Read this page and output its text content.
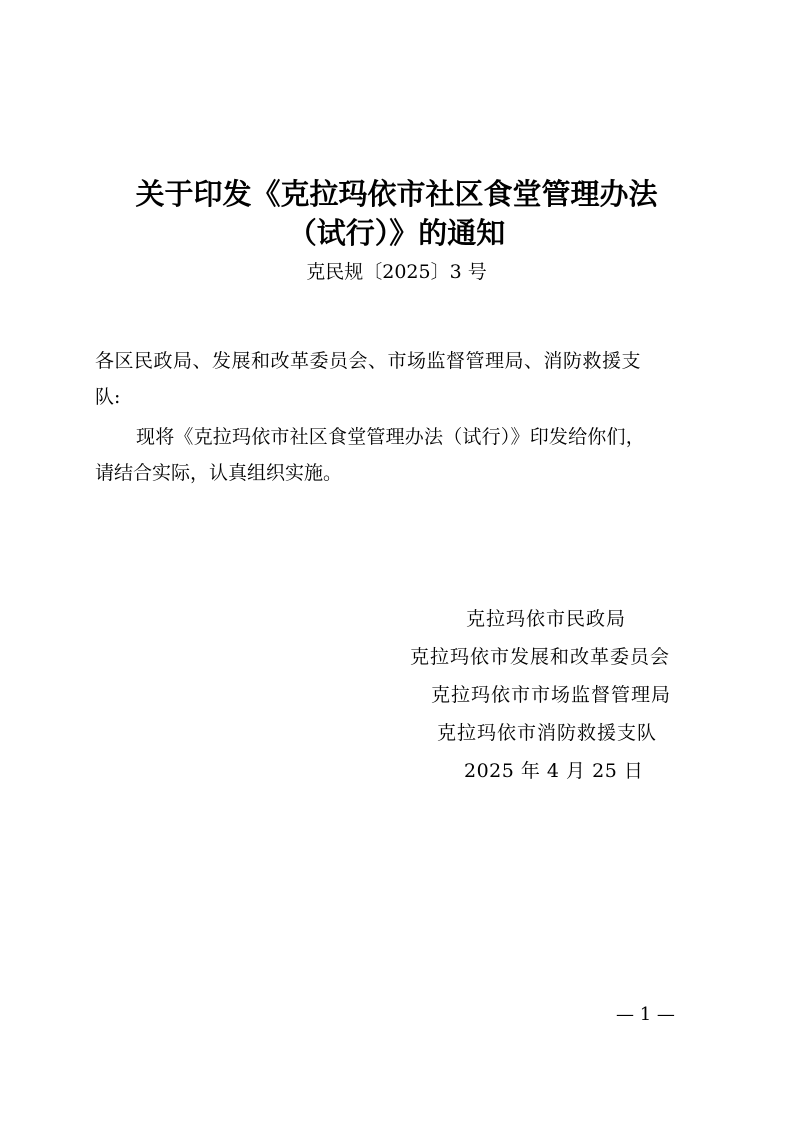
关于印发《克拉玛依市社区食堂管理办法
（试行）》的通知
克民规〔2025〕3 号
各区民政局、发展和改革委员会、市场监督管理局、消防救援支
队:
现将《克拉玛依市社区食堂管理办法（试行）》印发给你们，
请结合实际，认真组织实施。
克拉玛依市民政局
克拉玛依市发展和改革委员会
克拉玛依市市场监督管理局
克拉玛依市消防救援支队
2025 年 4 月 25 日
— 1 —
